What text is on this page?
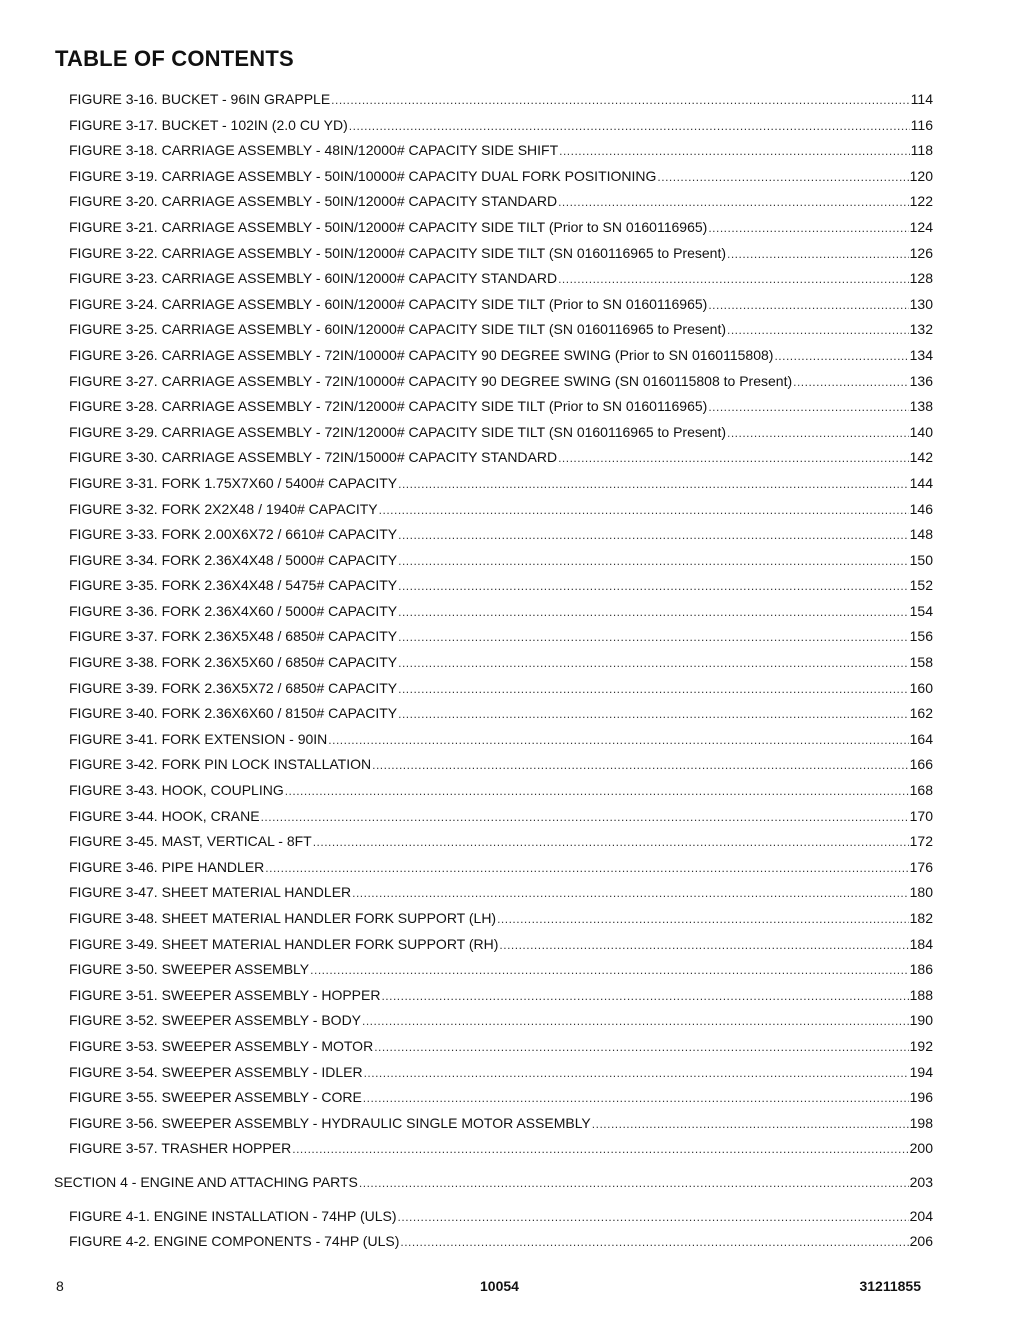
TABLE OF CONTENTS
FIGURE 3-16. BUCKET - 96IN GRAPPLE .....	114
FIGURE 3-17. BUCKET - 102IN (2.0 CU YD) .....	116
FIGURE 3-18. CARRIAGE ASSEMBLY - 48IN/12000# CAPACITY SIDE SHIFT .....	118
FIGURE 3-19. CARRIAGE ASSEMBLY - 50IN/10000# CAPACITY DUAL FORK POSITIONING .....	120
FIGURE 3-20. CARRIAGE ASSEMBLY - 50IN/12000# CAPACITY STANDARD .....	122
FIGURE 3-21. CARRIAGE ASSEMBLY - 50IN/12000# CAPACITY SIDE TILT (Prior to SN 0160116965) .....	124
FIGURE 3-22. CARRIAGE ASSEMBLY - 50IN/12000# CAPACITY SIDE TILT (SN 0160116965 to Present) .....	126
FIGURE 3-23. CARRIAGE ASSEMBLY - 60IN/12000# CAPACITY STANDARD .....	128
FIGURE 3-24. CARRIAGE ASSEMBLY - 60IN/12000# CAPACITY SIDE TILT (Prior to SN 0160116965) .....	130
FIGURE 3-25. CARRIAGE ASSEMBLY - 60IN/12000# CAPACITY SIDE TILT (SN 0160116965 to Present) .....	132
FIGURE 3-26. CARRIAGE ASSEMBLY - 72IN/10000# CAPACITY 90 DEGREE SWING (Prior to SN 0160115808) .....	134
FIGURE 3-27. CARRIAGE ASSEMBLY - 72IN/10000# CAPACITY 90 DEGREE SWING (SN 0160115808 to Present) .....	136
FIGURE 3-28. CARRIAGE ASSEMBLY - 72IN/12000# CAPACITY SIDE TILT (Prior to SN 0160116965) .....	138
FIGURE 3-29. CARRIAGE ASSEMBLY - 72IN/12000# CAPACITY SIDE TILT (SN 0160116965 to Present) .....	140
FIGURE 3-30. CARRIAGE ASSEMBLY - 72IN/15000# CAPACITY STANDARD .....	142
FIGURE 3-31. FORK 1.75X7X60 / 5400# CAPACITY .....	144
FIGURE 3-32. FORK 2X2X48 / 1940# CAPACITY .....	146
FIGURE 3-33. FORK 2.00X6X72 / 6610# CAPACITY .....	148
FIGURE 3-34. FORK 2.36X4X48 / 5000# CAPACITY .....	150
FIGURE 3-35. FORK 2.36X4X48 / 5475# CAPACITY .....	152
FIGURE 3-36. FORK 2.36X4X60 / 5000# CAPACITY .....	154
FIGURE 3-37. FORK 2.36X5X48 / 6850# CAPACITY .....	156
FIGURE 3-38. FORK 2.36X5X60 / 6850# CAPACITY .....	158
FIGURE 3-39. FORK 2.36X5X72 / 6850# CAPACITY .....	160
FIGURE 3-40. FORK 2.36X6X60 / 8150# CAPACITY .....	162
FIGURE 3-41. FORK EXTENSION - 90IN .....	164
FIGURE 3-42. FORK PIN LOCK INSTALLATION .....	166
FIGURE 3-43. HOOK, COUPLING .....	168
FIGURE 3-44. HOOK, CRANE .....	170
FIGURE 3-45. MAST, VERTICAL - 8FT .....	172
FIGURE 3-46. PIPE HANDLER .....	176
FIGURE 3-47. SHEET MATERIAL HANDLER .....	180
FIGURE 3-48. SHEET MATERIAL HANDLER FORK SUPPORT (LH) .....	182
FIGURE 3-49. SHEET MATERIAL HANDLER FORK SUPPORT (RH) .....	184
FIGURE 3-50. SWEEPER ASSEMBLY .....	186
FIGURE 3-51. SWEEPER ASSEMBLY - HOPPER .....	188
FIGURE 3-52. SWEEPER ASSEMBLY - BODY .....	190
FIGURE 3-53. SWEEPER ASSEMBLY - MOTOR .....	192
FIGURE 3-54. SWEEPER ASSEMBLY - IDLER .....	194
FIGURE 3-55. SWEEPER ASSEMBLY - CORE .....	196
FIGURE 3-56. SWEEPER ASSEMBLY - HYDRAULIC SINGLE MOTOR ASSEMBLY .....	198
FIGURE 3-57. TRASHER HOPPER .....	200
SECTION 4 - ENGINE AND ATTACHING PARTS .....	203
FIGURE 4-1. ENGINE INSTALLATION - 74HP (ULS) .....	204
FIGURE 4-2. ENGINE COMPONENTS - 74HP (ULS) .....	206
8	10054	31211855
